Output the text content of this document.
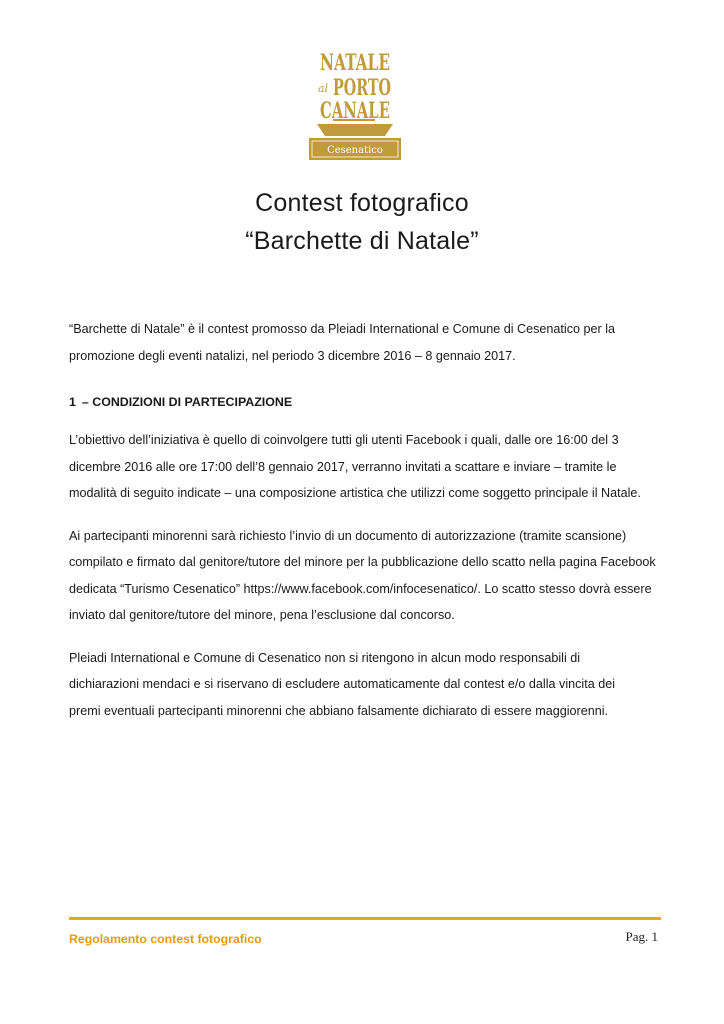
NATALE
al PORTO
CANALE
Cesenatico
Contest fotografico
“Barchette di Natale”

“Barchette di Natale” è il contest promosso da Pleiadi International e Comune di Cesenatico per la
promozione degli eventi natalizi, nel periodo 3 dicembre 2016 – 8 gennaio 2017.

1 – CONDIZIONI DI PARTECIPAZIONE

L’obiettivo dell’iniziativa è quello di coinvolgere tutti gli utenti Facebook i quali, dalle ore 16:00 del 3
dicembre 2016 alle ore 17:00 dell’8 gennaio 2017, verranno invitati a scattare e inviare – tramite le
modalità di seguito indicate – una composizione artistica che utilizzi come soggetto principale il Natale.

Ai partecipanti minorenni sarà richiesto l’invio di un documento di autorizzazione (tramite scansione)
compilato e firmato dal genitore/tutore del minore per la pubblicazione dello scatto nella pagina Facebook
dedicata “Turismo Cesenatico” https://www.facebook.com/infocesenatico/. Lo scatto stesso dovrà essere
inviato dal genitore/tutore del minore, pena l’esclusione dal concorso.

Pleiadi International e Comune di Cesenatico non si ritengono in alcun modo responsabili di
dichiarazioni mendaci e si riservano di escludere automaticamente dal contest e/o dalla vincita dei
premi eventuali partecipanti minorenni che abbiano falsamente dichiarato di essere maggiorenni.

Regolamento contest fotografico	Pag. 1
